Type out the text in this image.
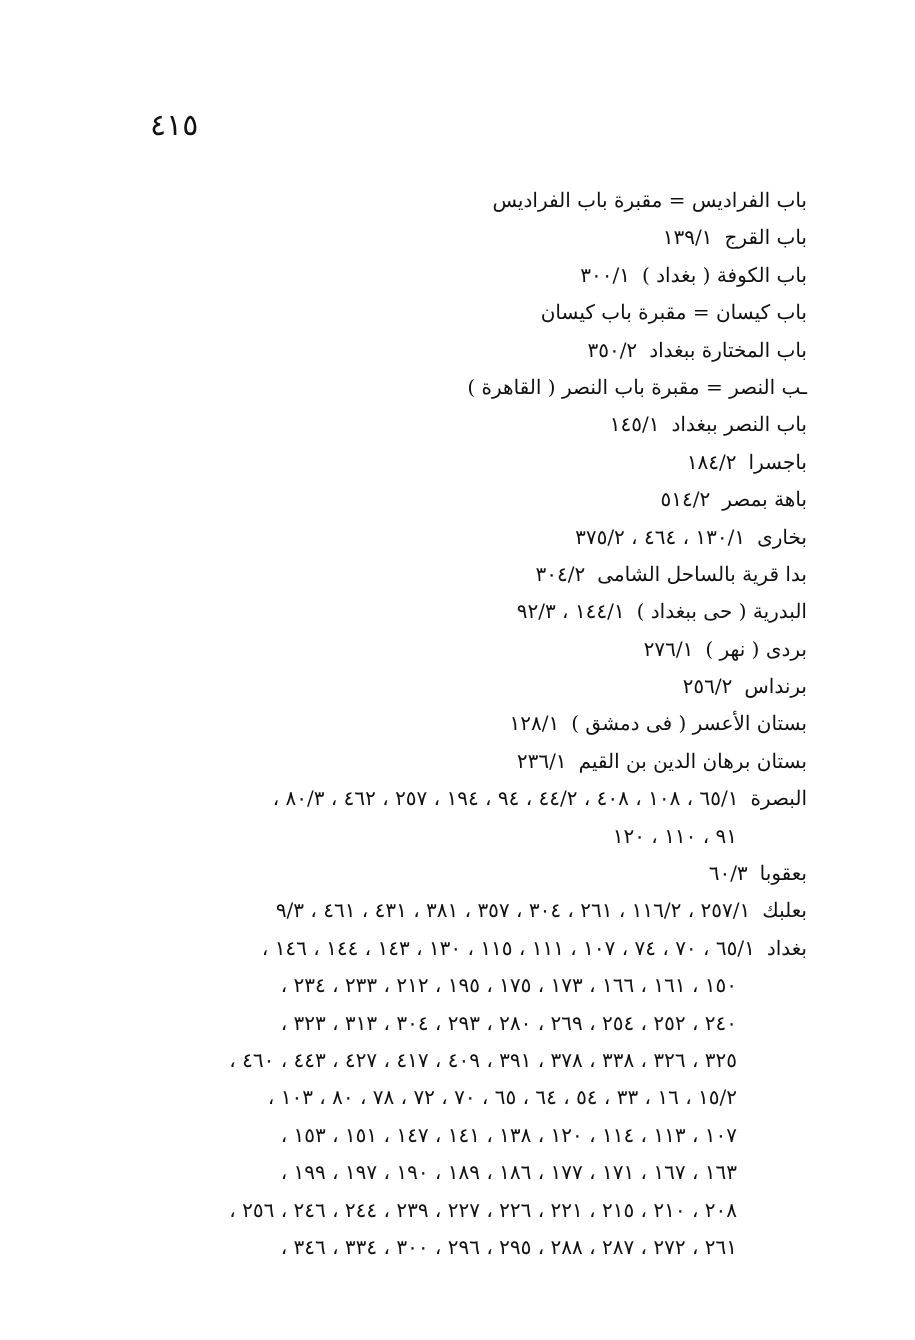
٤١٥
باب الفراديس = مقبرة باب الفراديس
باب القرج١٣٩/١
باب الكوفة ( بغداد )٣٠٠/١
باب كيسان = مقبرة باب كيسان
باب المختارة ببغداد٣٥٠/٢
ـب النصر = مقبرة باب النصر ( القاهرة )
باب النصر ببغداد١٤٥/١
باجسرا١٨٤/٢
باهة بمصر٥١٤/٢
بخارى١٣٠/١ ، ٤٦٤ ، ٣٧٥/٢
بدا قرية بالساحل الشامى٣٠٤/٢
البدرية ( حى ببغداد )١٤٤/١ ، ٩٢/٣
بردى ( نهر )٢٧٦/١
برنداس٢٥٦/٢
بستان الأعسر ( فى دمشق )١٢٨/١
بستان برهان الدين بن القيم٢٣٦/١
البصرة٦٥/١ ، ١٠٨ ، ٤٠٨ ، ٤٤/٢ ، ٩٤ ، ١٩٤ ، ٢٥٧ ، ٤٦٢ ، ٨٠/٣ ،
٩١ ، ١١٠ ، ١٢٠
بعقوبا٦٠/٣
بعلبك٢٥٧/١ ، ١١٦/٢ ، ٢٦١ ، ٣٠٤ ، ٣٥٧ ، ٣٨١ ، ٤٣١ ، ٤٦١ ، ٩/٣
بغداد٦٥/١ ، ٧٠ ، ٧٤ ، ١٠٧ ، ١١١ ، ١١٥ ، ١٣٠ ، ١٤٣ ، ١٤٤ ، ١٤٦ ،
١٥٠ ، ١٦١ ، ١٦٦ ، ١٧٣ ، ١٧٥ ، ١٩٥ ، ٢١٢ ، ٢٣٣ ، ٢٣٤ ،
٢٤٠ ، ٢٥٢ ، ٢٥٤ ، ٢٦٩ ، ٢٨٠ ، ٢٩٣ ، ٣٠٤ ، ٣١٣ ، ٣٢٣ ،
٣٢٥ ، ٣٢٦ ، ٣٣٨ ، ٣٧٨ ، ٣٩١ ، ٤٠٩ ، ٤١٧ ، ٤٢٧ ، ٤٤٣ ، ٤٦٠ ،
١٥/٢ ، ١٦ ، ٣٣ ، ٥٤ ، ٦٤ ، ٦٥ ، ٧٠ ، ٧٢ ، ٧٨ ، ٨٠ ، ١٠٣ ،
١٠٧ ، ١١٣ ، ١١٤ ، ١٢٠ ، ١٣٨ ، ١٤١ ، ١٤٧ ، ١٥١ ، ١٥٣ ،
١٦٣ ، ١٦٧ ، ١٧١ ، ١٧٧ ، ١٨٦ ، ١٨٩ ، ١٩٠ ، ١٩٧ ، ١٩٩ ،
٢٠٨ ، ٢١٠ ، ٢١٥ ، ٢٢١ ، ٢٢٦ ، ٢٢٧ ، ٢٣٩ ، ٢٤٤ ، ٢٤٦ ، ٢٥٦ ،
٢٦١ ، ٢٧٢ ، ٢٨٧ ، ٢٨٨ ، ٢٩٥ ، ٢٩٦ ، ٣٠٠ ، ٣٣٤ ، ٣٤٦ ،
